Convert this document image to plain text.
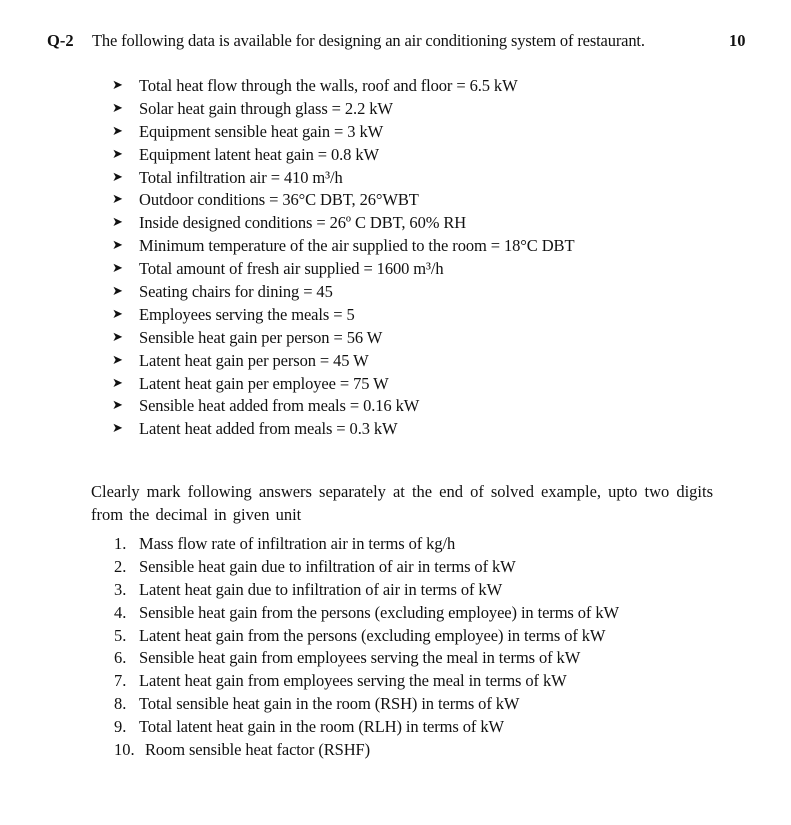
Q-2 The following data is available for designing an air conditioning system of restaurant.	10
➤ Total heat flow through the walls, roof and floor = 6.5 kW
➤ Solar heat gain through glass = 2.2 kW
➤ Equipment sensible heat gain = 3 kW
➤ Equipment latent heat gain = 0.8 kW
➤ Total infiltration air = 410 m³/h
➤ Outdoor conditions = 36°C DBT, 26°WBT
➤ Inside designed conditions = 26º C DBT, 60% RH
➤ Minimum temperature of the air supplied to the room = 18°C DBT
➤ Total amount of fresh air supplied = 1600 m³/h
➤ Seating chairs for dining = 45
➤ Employees serving the meals = 5
➤ Sensible heat gain per person = 56 W
➤ Latent heat gain per person = 45 W
➤ Latent heat gain per employee = 75 W
➤ Sensible heat added from meals = 0.16 kW
➤ Latent heat added from meals = 0.3 kW

Clearly mark following answers separately at the end of solved example, upto two digits from the decimal in given unit

1. Mass flow rate of infiltration air in terms of kg/h
2. Sensible heat gain due to infiltration of air in terms of kW
3. Latent heat gain due to infiltration of air in terms of kW
4. Sensible heat gain from the persons (excluding employee) in terms of kW
5. Latent heat gain from the persons (excluding employee) in terms of kW
6. Sensible heat gain from employees serving the meal in terms of kW
7. Latent heat gain from employees serving the meal in terms of kW
8. Total sensible heat gain in the room (RSH) in terms of kW
9. Total latent heat gain in the room (RLH) in terms of kW
10. Room sensible heat factor (RSHF)
